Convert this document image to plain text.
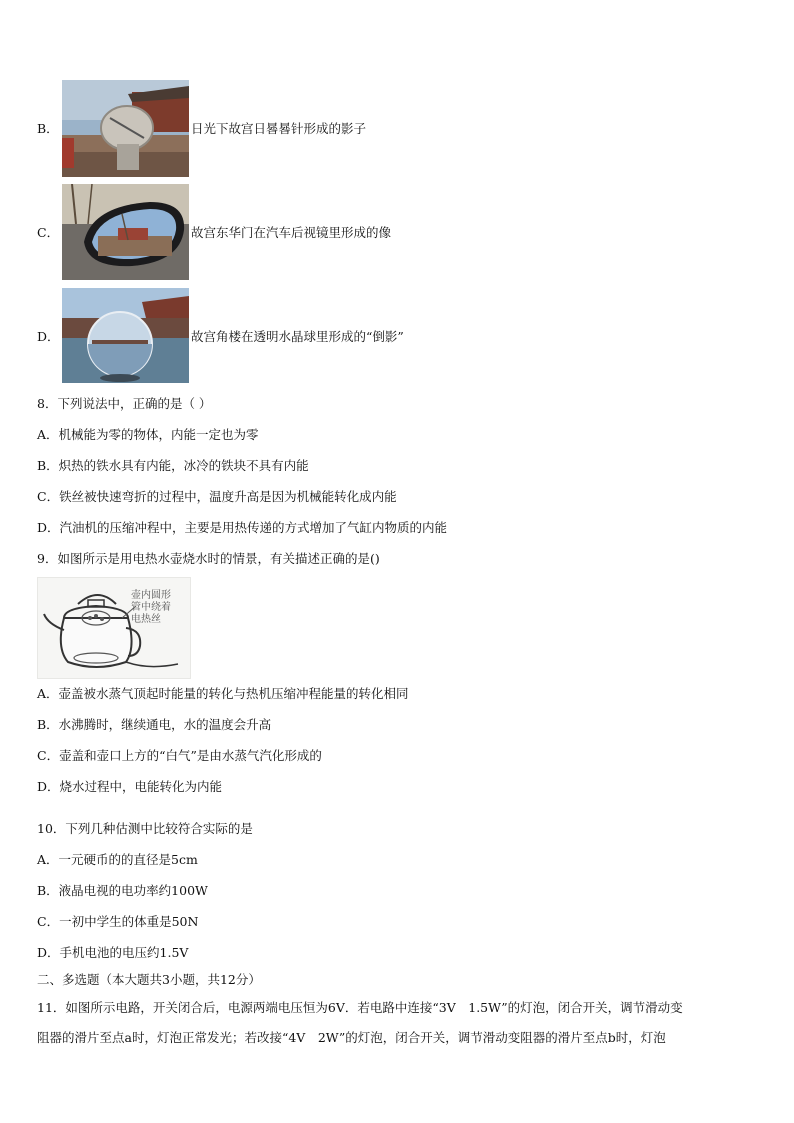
B．	日光下故宫日晷晷针形成的影子
C．	故宫东华门在汽车后视镜里形成的像
D．	故宫角楼在透明水晶球里形成的“倒影”
8．下列说法中，正确的是（ ）
A．机械能为零的物体，内能一定也为零
B．炽热的铁水具有内能，冰冷的铁块不具有内能
C．铁丝被快速弯折的过程中，温度升高是因为机械能转化成内能
D．汽油机的压缩冲程中，主要是用热传递的方式增加了气缸内物质的内能
9．如图所示是用电热水壶烧水时的情景，有关描述正确的是()
壶内圆形
管中绕着
电热丝
A．壶盖被水蒸气顶起时能量的转化与热机压缩冲程能量的转化相同
B．水沸腾时，继续通电，水的温度会升高
C．壶盖和壶口上方的“白气”是由水蒸气汽化形成的
D．烧水过程中，电能转化为内能
10．下列几种估测中比较符合实际的是
A．一元硬币的的直径是5cm
B．液晶电视的电功率约100W
C．一初中学生的体重是50N
D．手机电池的电压约1.5V
二、多选题（本大题共3小题，共12分）
11．如图所示电路，开关闭合后，电源两端电压恒为6V．若电路中连接“3V　1.5W”的灯泡，闭合开关，调节滑动变
阻器的滑片至点a时，灯泡正常发光；若改接“4V　2W”的灯泡，闭合开关，调节滑动变阻器的滑片至点b时，灯泡
